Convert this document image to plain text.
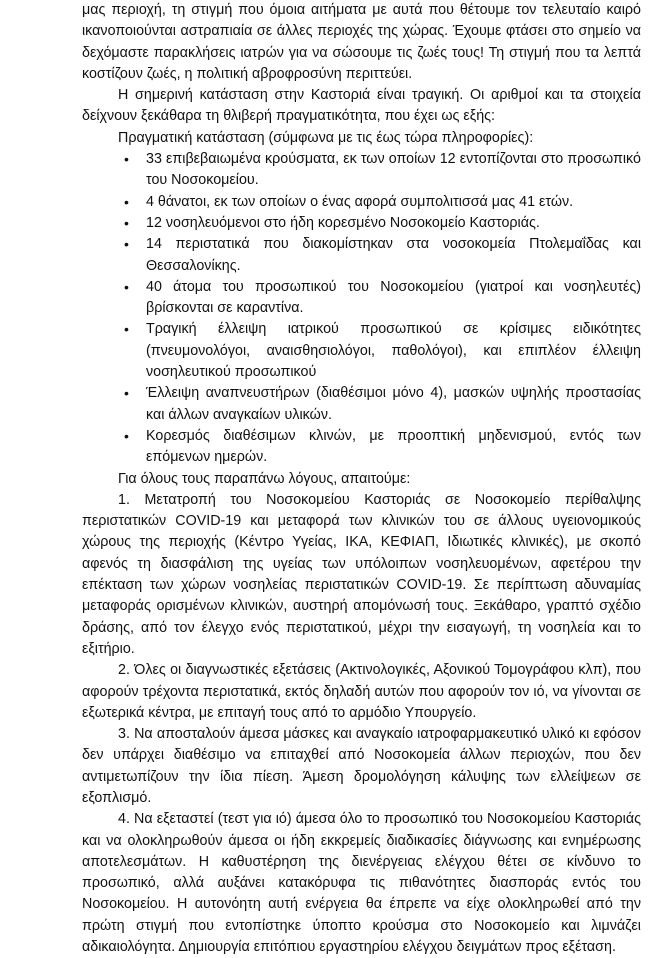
μας περιοχή, τη στιγμή που όμοια αιτήματα με αυτά που θέτουμε τον τελευταίο καιρό ικανοποιούνται αστραπιαία σε άλλες περιοχές της χώρας. Έχουμε φτάσει στο σημείο να δεχόμαστε παρακλήσεις ιατρών για να σώσουμε τις ζωές τους! Τη στιγμή που τα λεπτά κοστίζουν ζωές, η πολιτική αβροφροσύνη περιττεύει.

Η σημερινή κατάσταση στην Καστοριά είναι τραγική. Οι αριθμοί και τα στοιχεία δείχνουν ξεκάθαρα τη θλιβερή πραγματικότητα, που έχει ως εξής:

Πραγματική κατάσταση (σύμφωνα με τις έως τώρα πληροφορίες):

• 33 επιβεβαιωμένα κρούσματα, εκ των οποίων 12 εντοπίζονται στο προσωπικό του Νοσοκομείου.
• 4 θάνατοι, εκ των οποίων ο ένας αφορά συμπολιτισσά μας 41 ετών.
• 12 νοσηλευόμενοι στο ήδη κορεσμένο Νοσοκομείο Καστοριάς.
• 14 περιστατικά που διακομίστηκαν στα νοσοκομεία Πτολεμαΐδας και Θεσσαλονίκης.
• 40 άτομα του προσωπικού του Νοσοκομείου (γιατροί και νοσηλευτές) βρίσκονται σε καραντίνα.
• Τραγική έλλειψη ιατρικού προσωπικού σε κρίσιμες ειδικότητες (πνευμονολόγοι, αναισθησιολόγοι, παθολόγοι), και επιπλέον έλλειψη νοσηλευτικού προσωπικού
• Έλλειψη αναπνευστήρων (διαθέσιμοι μόνο 4), μασκών υψηλής προστασίας και άλλων αναγκαίων υλικών.
• Κορεσμός διαθέσιμων κλινών, με προοπτική μηδενισμού, εντός των επόμενων ημερών.

Για όλους τους παραπάνω λόγους, απαιτούμε:

1. Μετατροπή του Νοσοκομείου Καστοριάς σε Νοσοκομείο περίθαλψης περιστατικών COVID-19 και μεταφορά των κλινικών του σε άλλους υγειονομικούς χώρους της περιοχής (Κέντρο Υγείας, ΙΚΑ, ΚΕΦΙΑΠ, Ιδιωτικές κλινικές), με σκοπό αφενός τη διασφάλιση της υγείας των υπόλοιπων νοσηλευομένων, αφετέρου την επέκταση των χώρων νοσηλείας περιστατικών COVID-19. Σε περίπτωση αδυναμίας μεταφοράς ορισμένων κλινικών, αυστηρή απομόνωσή τους. Ξεκάθαρο, γραπτό σχέδιο δράσης, από τον έλεγχο ενός περιστατικού, μέχρι την εισαγωγή, τη νοσηλεία και το εξιτήριο.

2. Όλες οι διαγνωστικές εξετάσεις (Ακτινολογικές, Αξονικού Τομογράφου κλπ), που αφορούν τρέχοντα περιστατικά, εκτός δηλαδή αυτών που αφορούν τον ιό, να γίνονται σε εξωτερικά κέντρα, με επιταγή τους από το αρμόδιο Υπουργείο.

3. Να αποσταλούν άμεσα μάσκες και αναγκαίο ιατροφαρμακευτικό υλικό κι εφόσον δεν υπάρχει διαθέσιμο να επιταχθεί από Νοσοκομεία άλλων περιοχών, που δεν αντιμετωπίζουν την ίδια πίεση. Άμεση δρομολόγηση κάλυψης των ελλείψεων σε εξοπλισμό.

4. Να εξεταστεί (τεστ για ιό) άμεσα όλο το προσωπικό του Νοσοκομείου Καστοριάς και να ολοκληρωθούν άμεσα οι ήδη εκκρεμείς διαδικασίες διάγνωσης και ενημέρωσης αποτελεσμάτων. Η καθυστέρηση της διενέργειας ελέγχου θέτει σε κίνδυνο το προσωπικό, αλλά αυξάνει κατακόρυφα τις πιθανότητες διασποράς εντός του Νοσοκομείου. Η αυτονόητη αυτή ενέργεια θα έπρεπε να είχε ολοκληρωθεί από την πρώτη στιγμή που εντοπίστηκε ύποπτο κρούσμα στο Νοσοκομείο και λιμνάζει αδικαιολόγητα. Δημιουργία επιτόπιου εργαστηρίου ελέγχου δειγμάτων προς εξέταση.
